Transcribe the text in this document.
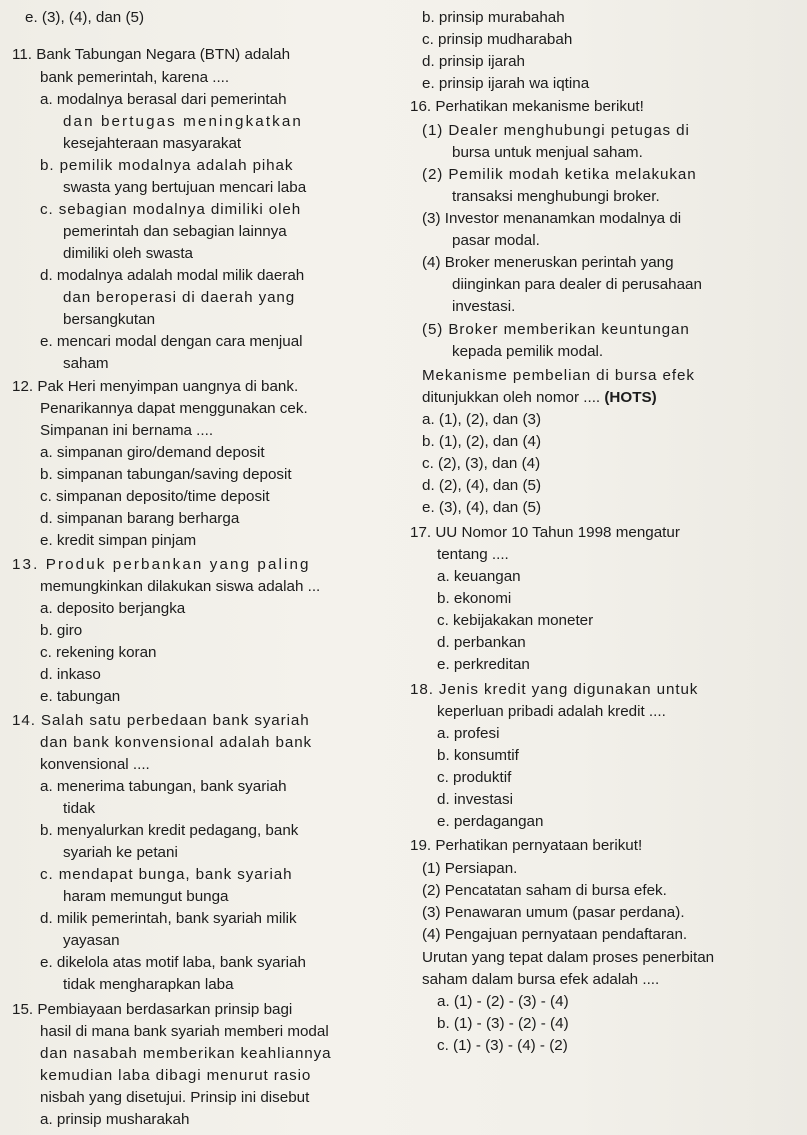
e. (3), (4), dan (5)
11. Bank Tabungan Negara (BTN) adalah
bank pemerintah, karena ....
a. modalnya berasal dari pemerintah
dan bertugas meningkatkan
kesejahteraan masyarakat
b. pemilik modalnya adalah pihak
swasta yang bertujuan mencari laba
c. sebagian modalnya dimiliki oleh
pemerintah dan sebagian lainnya
dimiliki oleh swasta
d. modalnya adalah modal milik daerah
dan beroperasi di daerah yang
bersangkutan
e. mencari modal dengan cara menjual
saham
12. Pak Heri menyimpan uangnya di bank.
Penarikannya dapat menggunakan cek.
Simpanan ini bernama ....
a. simpanan giro/demand deposit
b. simpanan tabungan/saving deposit
c. simpanan deposito/time deposit
d. simpanan barang berharga
e. kredit simpan pinjam
13. Produk perbankan yang paling
memungkinkan dilakukan siswa adalah ...
a. deposito berjangka
b. giro
c. rekening koran
d. inkaso
e. tabungan
14. Salah satu perbedaan bank syariah
dan bank konvensional adalah bank
konvensional ....
a. menerima tabungan, bank syariah
tidak
b. menyalurkan kredit pedagang, bank
syariah ke petani
c. mendapat bunga, bank syariah
haram memungut bunga
d. milik pemerintah, bank syariah milik
yayasan
e. dikelola atas motif laba, bank syariah
tidak mengharapkan laba
15. Pembiayaan berdasarkan prinsip bagi
hasil di mana bank syariah memberi modal
dan nasabah memberikan keahliannya
kemudian laba dibagi menurut rasio
nisbah yang disetujui. Prinsip ini disebut
a. prinsip musharakah
b. prinsip murabahah
c. prinsip mudharabah
d. prinsip ijarah
e. prinsip ijarah wa iqtina
16. Perhatikan mekanisme berikut!
(1) Dealer menghubungi petugas di
bursa untuk menjual saham.
(2) Pemilik modah ketika melakukan
transaksi menghubungi broker.
(3) Investor menanamkan modalnya di
pasar modal.
(4) Broker meneruskan perintah yang
diinginkan para dealer di perusahaan
investasi.
(5) Broker memberikan keuntungan
kepada pemilik modal.
Mekanisme pembelian di bursa efek
ditunjukkan oleh nomor .... (HOTS)
a. (1), (2), dan (3)
b. (1), (2), dan (4)
c. (2), (3), dan (4)
d. (2), (4), dan (5)
e. (3), (4), dan (5)
17. UU Nomor 10 Tahun 1998 mengatur
tentang ....
a. keuangan
b. ekonomi
c. kebijakakan moneter
d. perbankan
e. perkreditan
18. Jenis kredit yang digunakan untuk
keperluan pribadi adalah kredit ....
a. profesi
b. konsumtif
c. produktif
d. investasi
e. perdagangan
19. Perhatikan pernyataan berikut!
(1) Persiapan.
(2) Pencatatan saham di bursa efek.
(3) Penawaran umum (pasar perdana).
(4) Pengajuan pernyataan pendaftaran.
Urutan yang tepat dalam proses penerbitan
saham dalam bursa efek adalah ....
a. (1) - (2) - (3) - (4)
b. (1) - (3) - (2) - (4)
c. (1) - (3) - (4) - (2)
